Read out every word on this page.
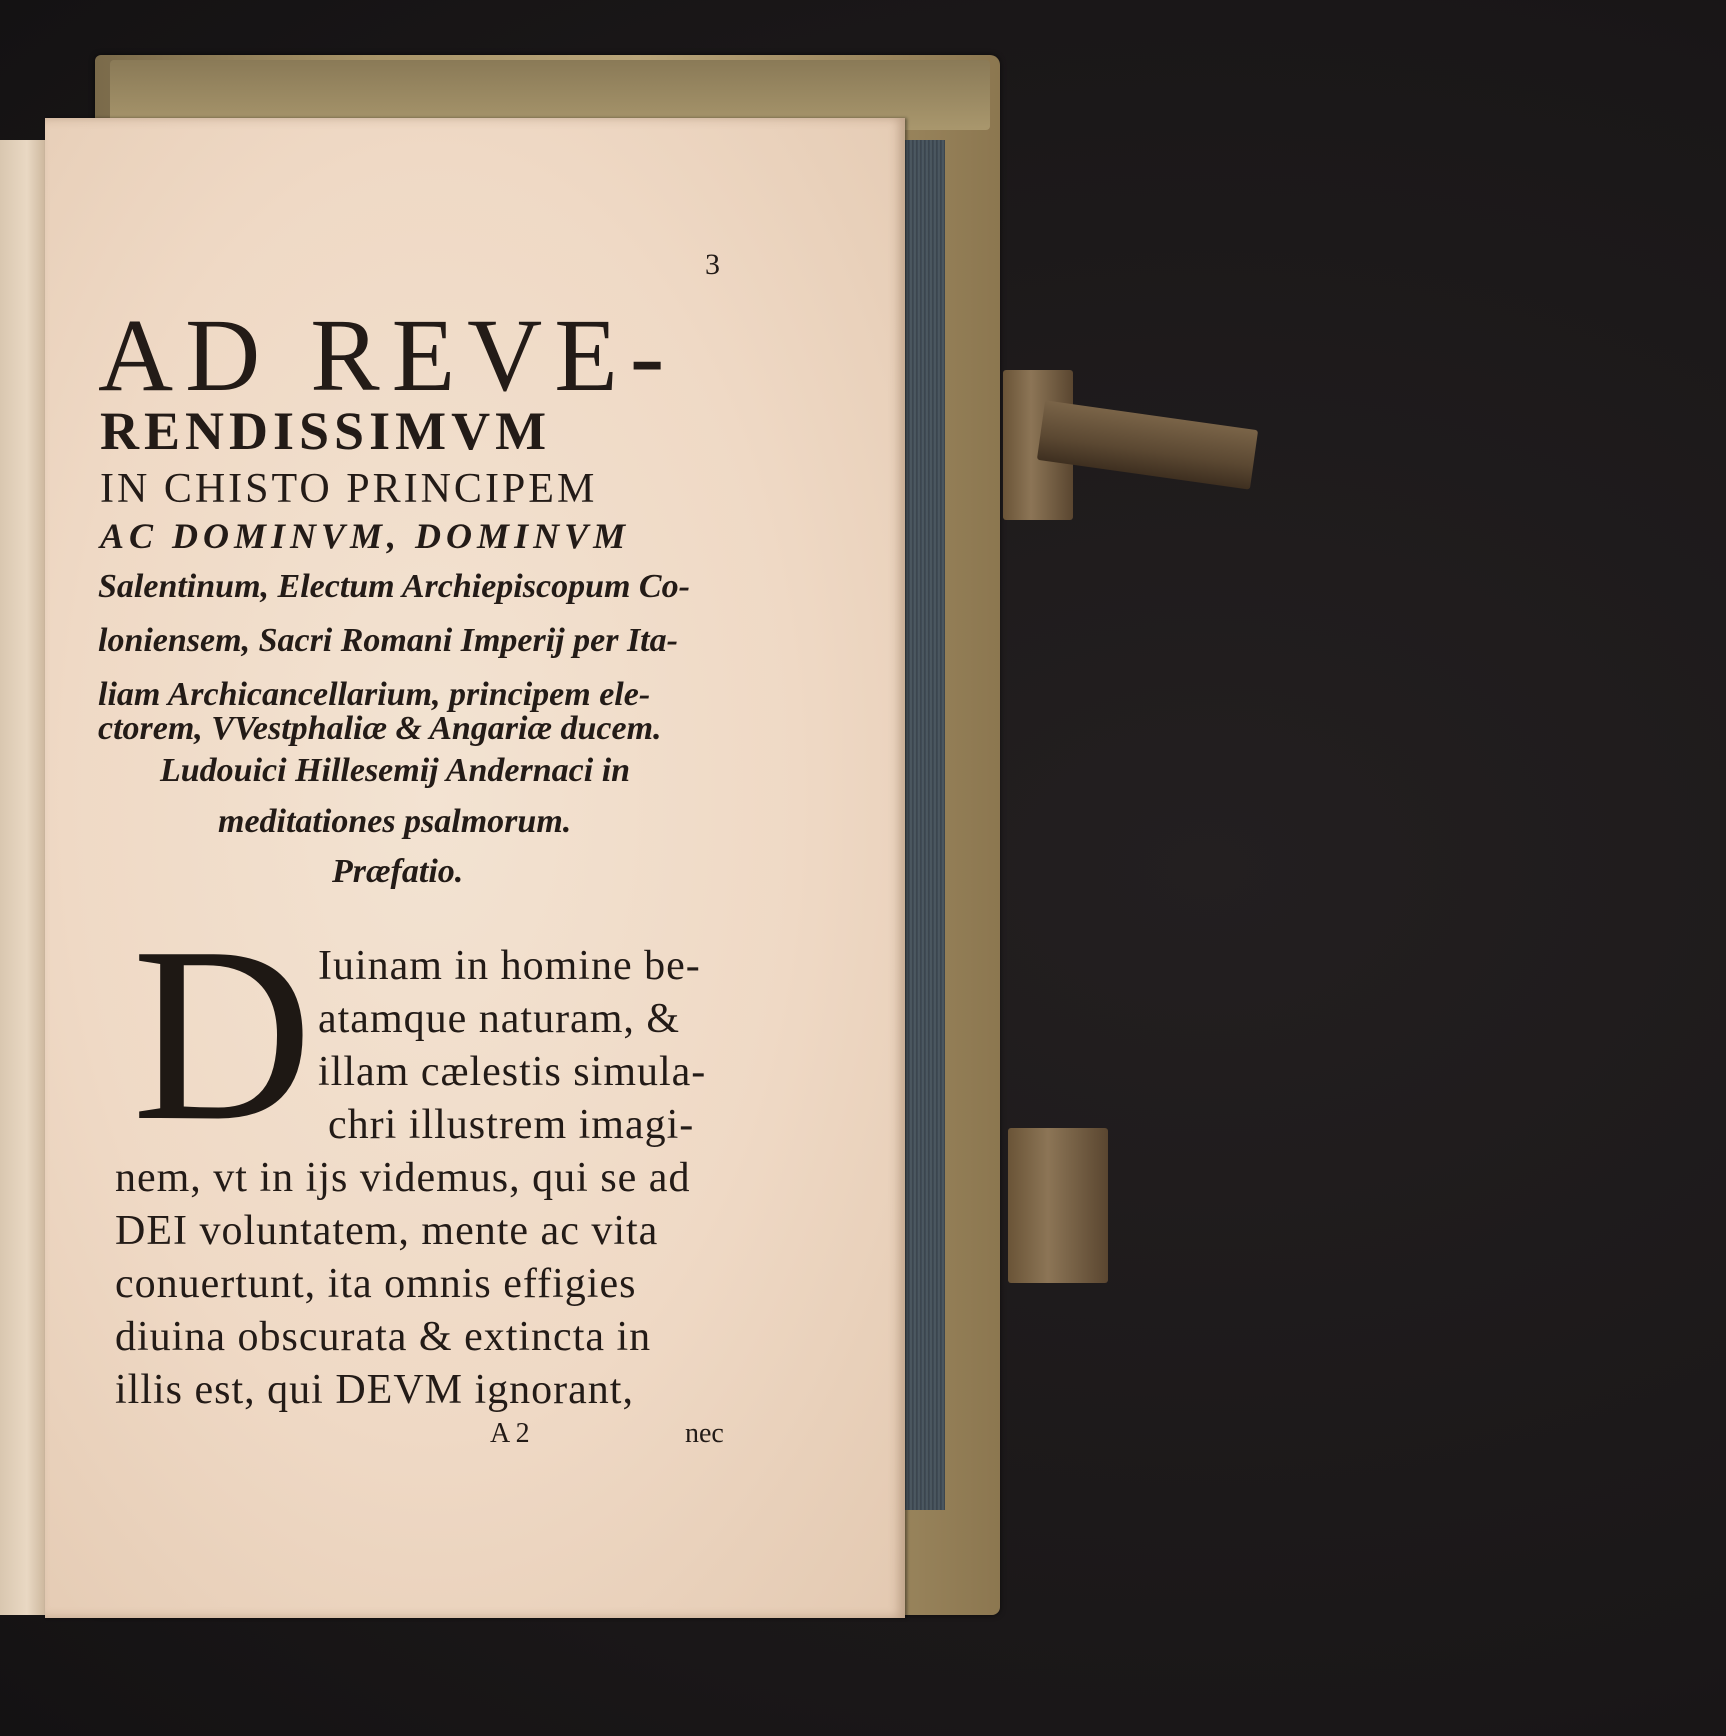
3
AD REVE-
RENDISSIMVM
IN CHISTO PRINCIPEM
AC DOMINVM, DOMINVM
Salentinum, Electum Archiepiscopum Co-
loniensem, Sacri Romani Imperij per Ita-
liam Archicancellarium, principem ele-
ctorem, VVestphaliæ & Angariæ ducem.
Ludouici Hillesemij Andernaci in
meditationes psalmorum.
Præfatio.
D Iuinam in homine be-
atamque naturam, &
illam cælestis simula-
chri illustrem imagi-
nem, vt in ijs videmus, qui se ad
DEI voluntatem, mente ac vita
conuertunt, ita omnis effigies
diuina obscurata & extincta in
illis est, qui DEVM ignorant,
A 2	nec
